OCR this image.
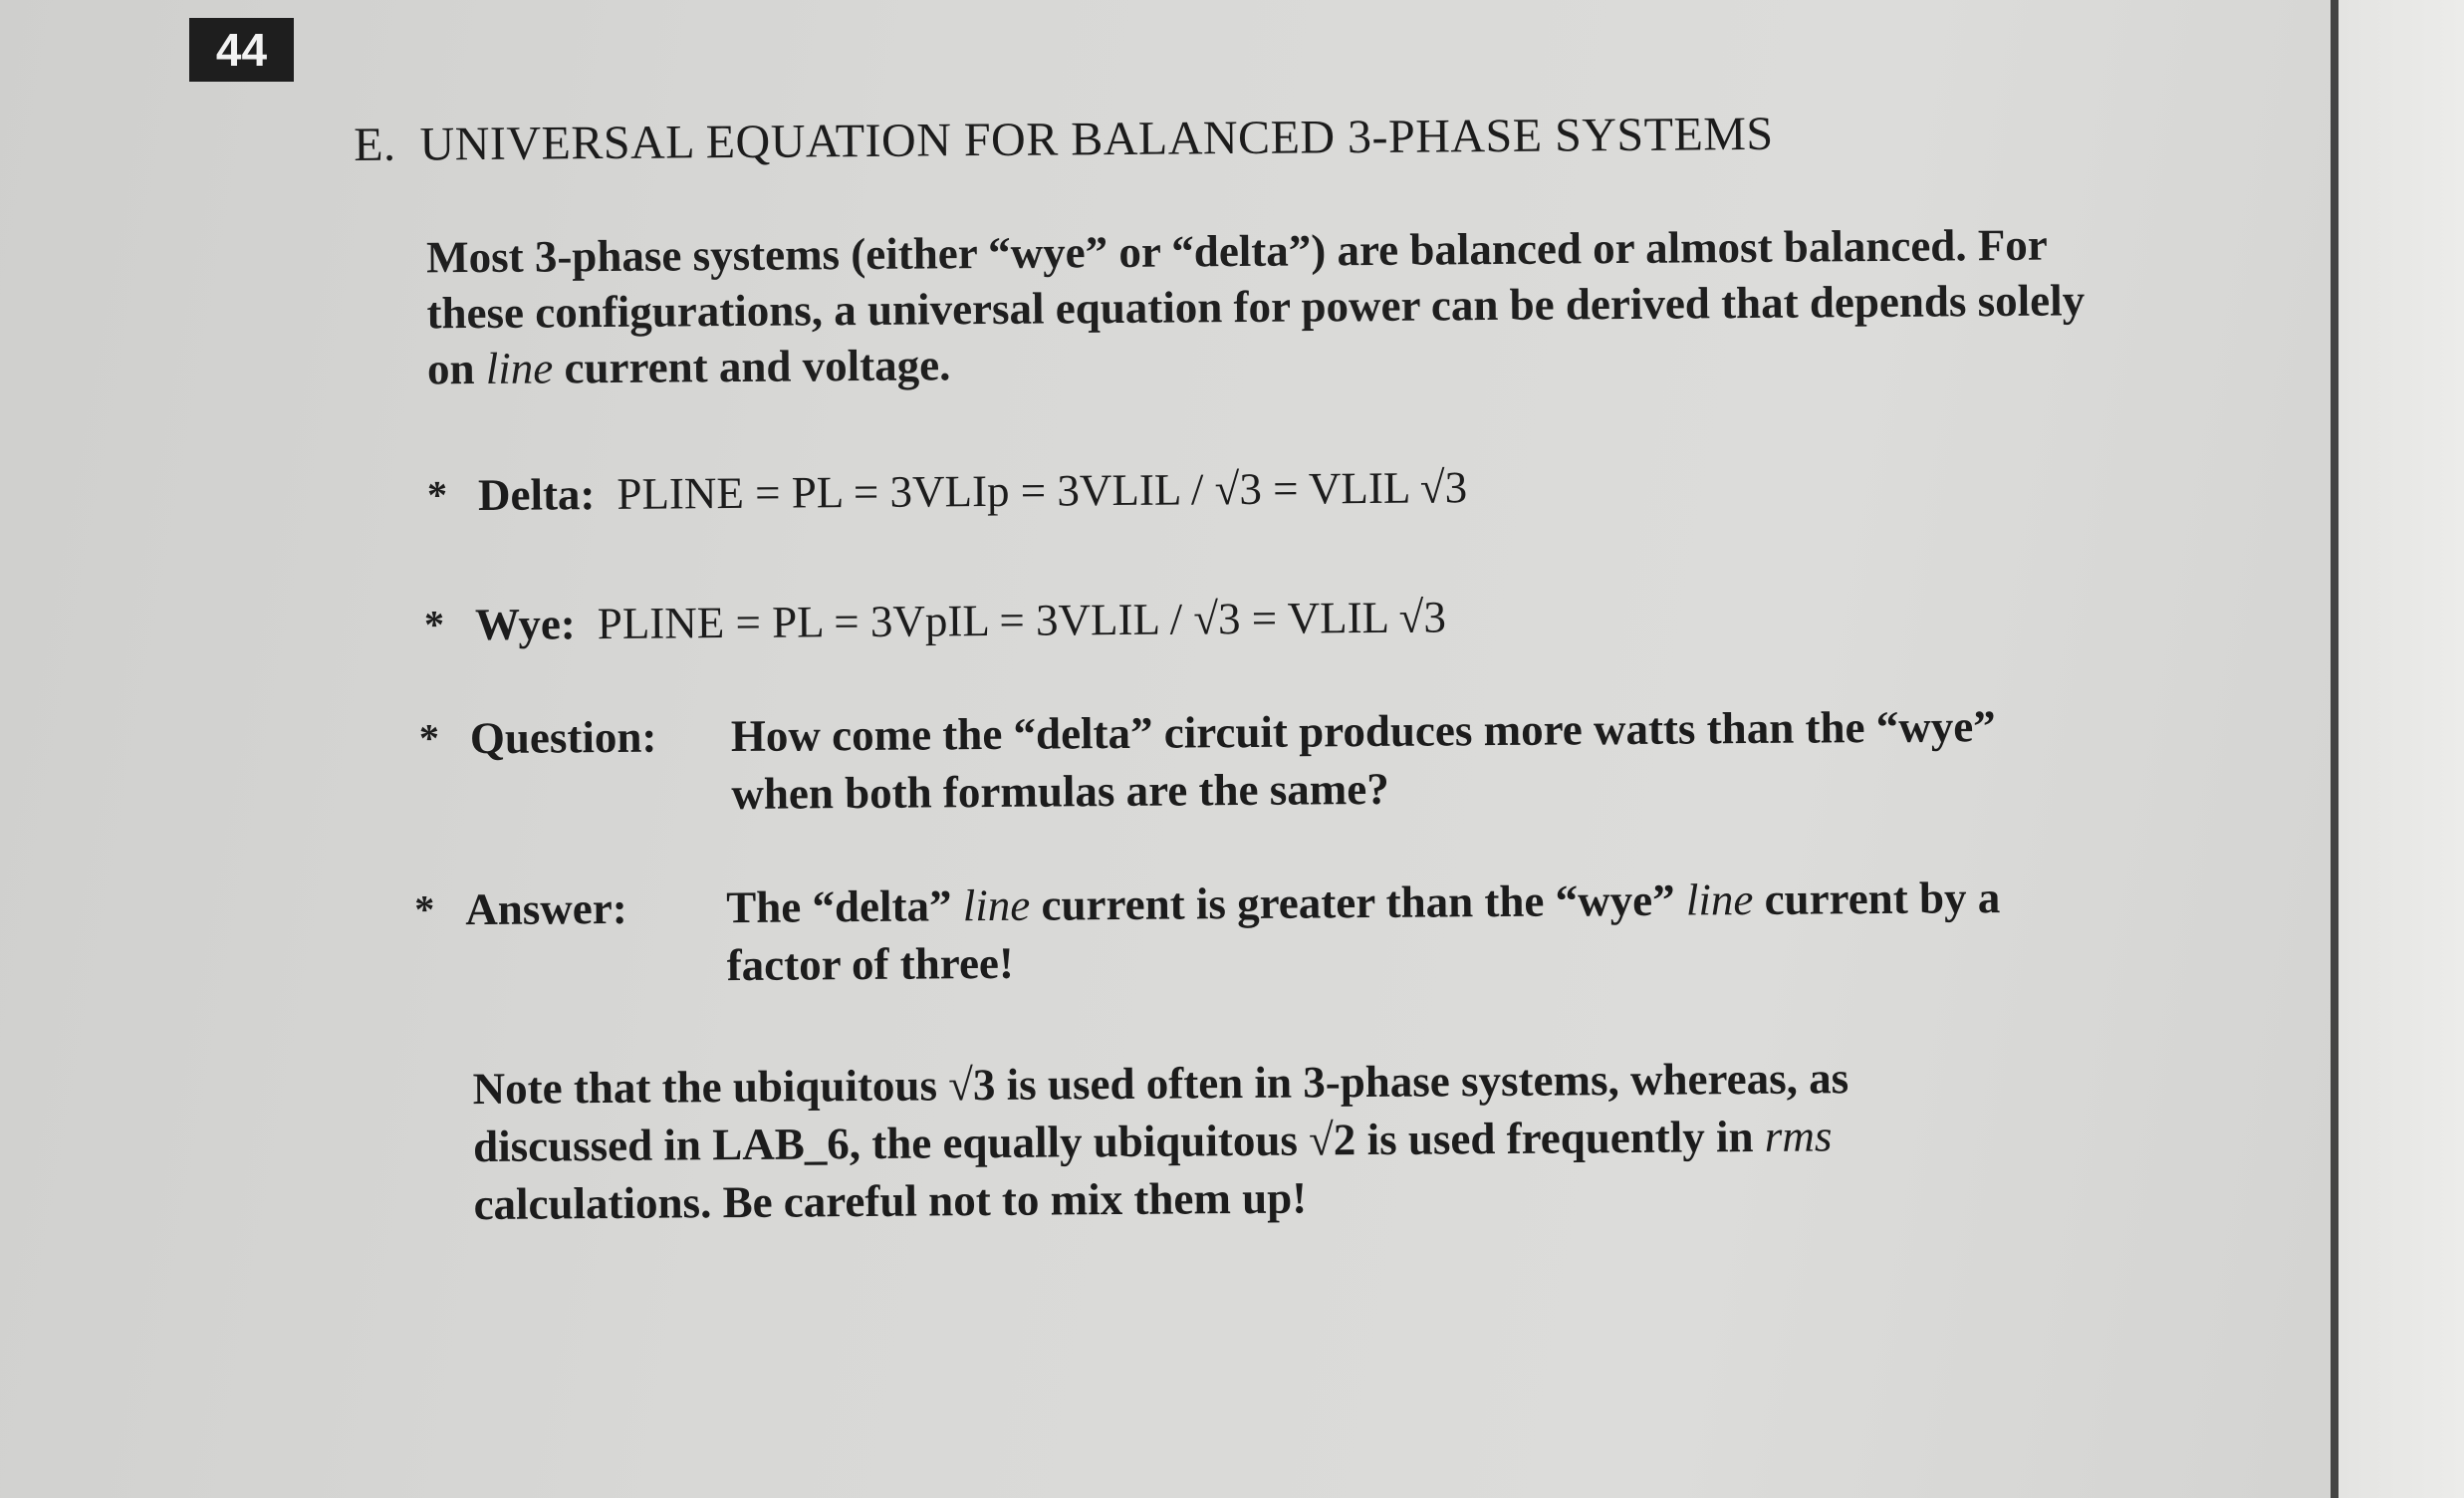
44
E. UNIVERSAL EQUATION FOR BALANCED 3-PHASE SYSTEMS
Most 3-phase systems (either “wye” or “delta”) are balanced or almost balanced. For these configurations, a universal equation for power can be derived that depends solely on line current and voltage.
* Delta: PLINE = PL = 3VLIp = 3VLIL / √3 = VLIL √3
* Wye: PLINE = PL = 3VpIL = 3VLIL / √3 = VLIL √3
* Question:	How come the “delta” circuit produces more watts than the “wye” when both formulas are the same?
* Answer:	The “delta” line current is greater than the “wye” line current by a factor of three!
Note that the ubiquitous √3 is used often in 3-phase systems, whereas, as discussed in LAB_6, the equally ubiquitous √2 is used frequently in rms calculations. Be careful not to mix them up!
